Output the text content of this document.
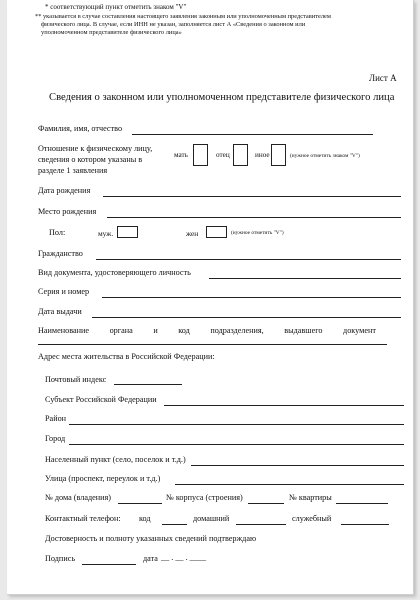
* соответствующий пункт отметить знаком "V"
** указывается в случае составления настоящего заявления законным или уполномоченным представителем
физического лица. В случае, если ИНН не указан, заполняется лист А «Сведения о законном или
уполномоченном представителе физического лица»
Лист А
Сведения о законном или уполномоченном представителе физического лица
Фамилия, имя, отчество
Отношение к физическому лицу,
сведения о котором указаны в
разделе 1 заявления
мать	отец	иное	(нужное отметить знаком "V")
Дата рождения
Место рождения
Пол:	муж.	жен	(нужное отметить "V")
Гражданство
Вид документа, удостоверяющего личность
Серия и номер
Дата выдачи
Наименование	органа	и	код	подразделения,	выдавшего	документ
Адрес места жительства в Российской Федерации:
Почтовый индекс
Субъект Российской Федерации
Район
Город
Населенный пункт (село, поселок и т.д.)
Улица (проспект, переулок и т.д.)
№ дома (владения)	№ корпуса (строения)	№ квартиры
Контактный телефон: код	домашний	служебный
Достоверность и полноту указанных сведений подтверждаю
Подпись	дата __ . __ . ____
